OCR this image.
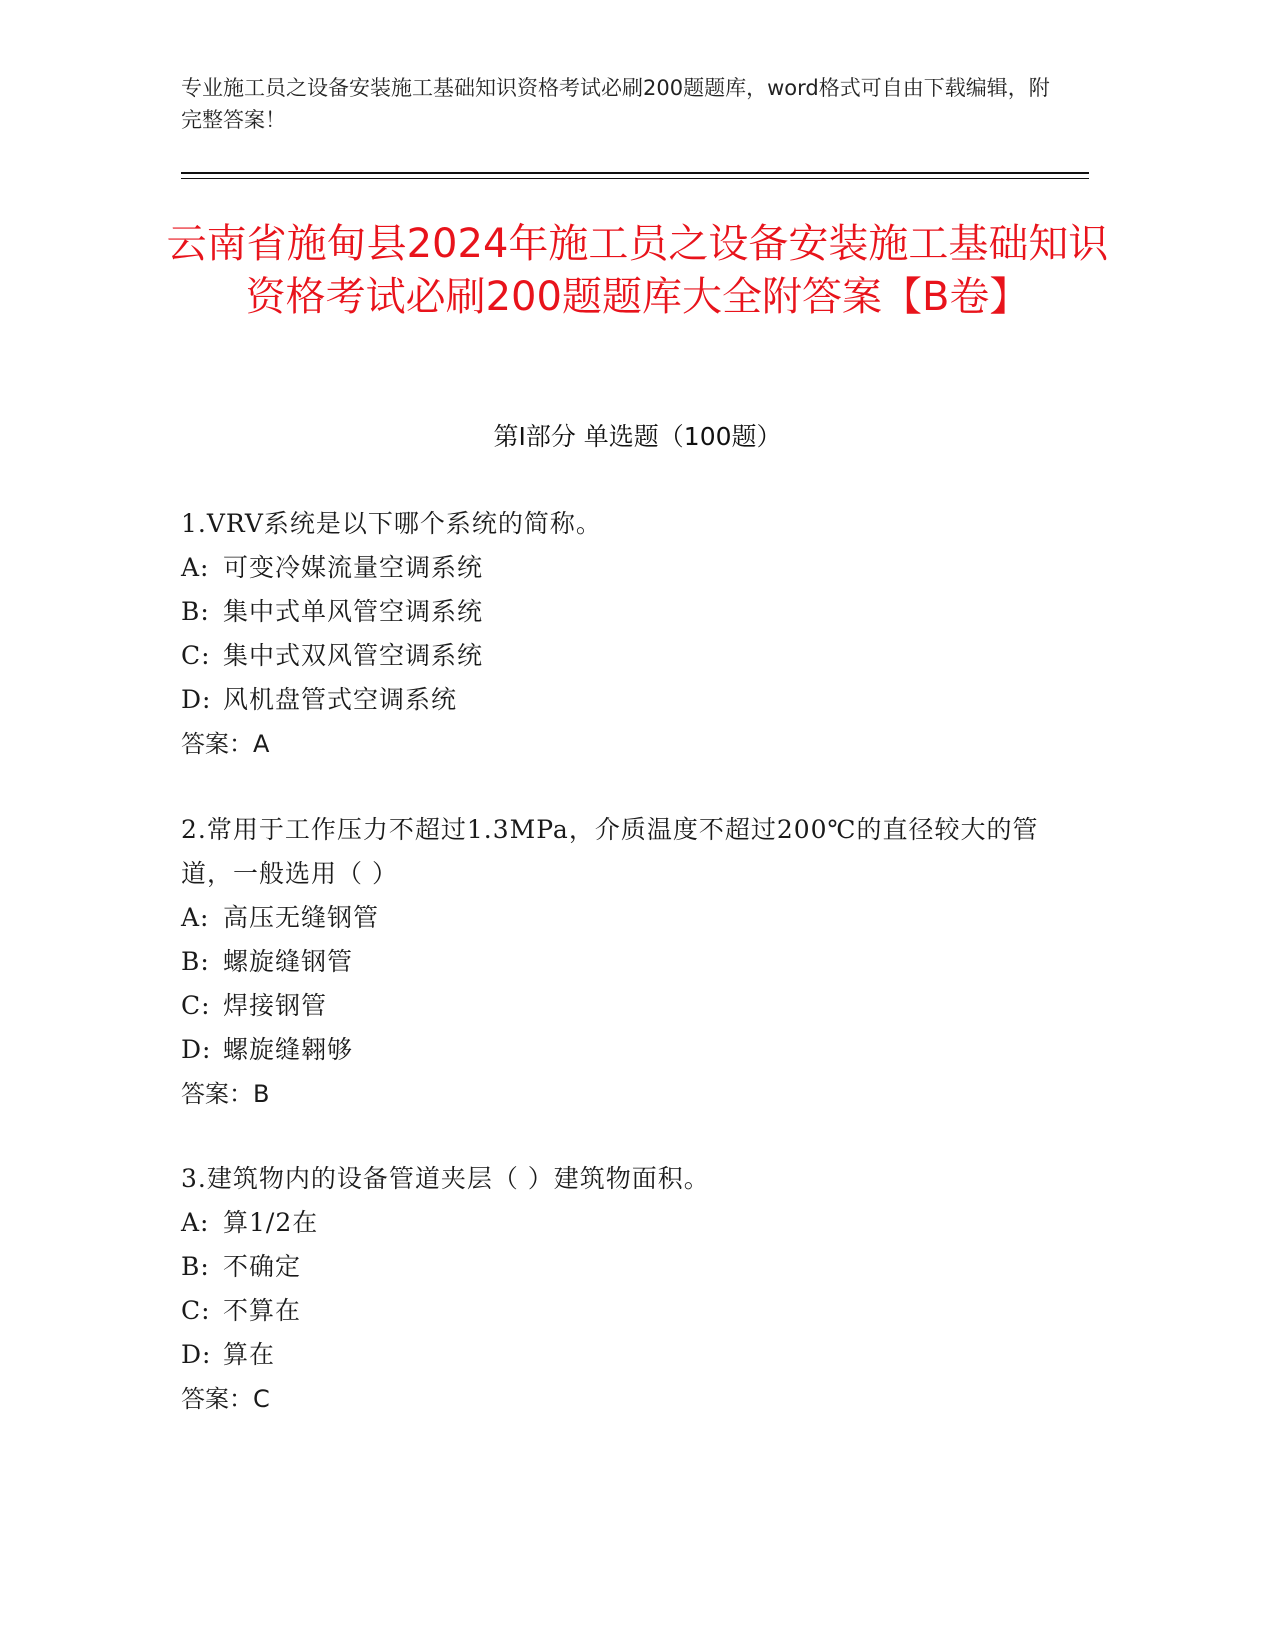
专业施工员之设备安装施工基础知识资格考试必刷200题题库，word格式可自由下载编辑，附完整答案！
云南省施甸县2024年施工员之设备安装施工基础知识资格考试必刷200题题库大全附答案【B卷】
第I部分 单选题（100题）
1.VRV系统是以下哪个系统的简称。
A: 可变冷媒流量空调系统
B: 集中式单风管空调系统
C: 集中式双风管空调系统
D: 风机盘管式空调系统
答案：A
2.常用于工作压力不超过1.3MPa，介质温度不超过200℃的直径较大的管道，一般选用（ ）
A: 高压无缝钢管
B: 螺旋缝钢管
C: 焊接钢管
D: 螺旋缝翱够
答案：B
3.建筑物内的设备管道夹层（ ）建筑物面积。
A: 算1/2在
B: 不确定
C: 不算在
D: 算在
答案：C
